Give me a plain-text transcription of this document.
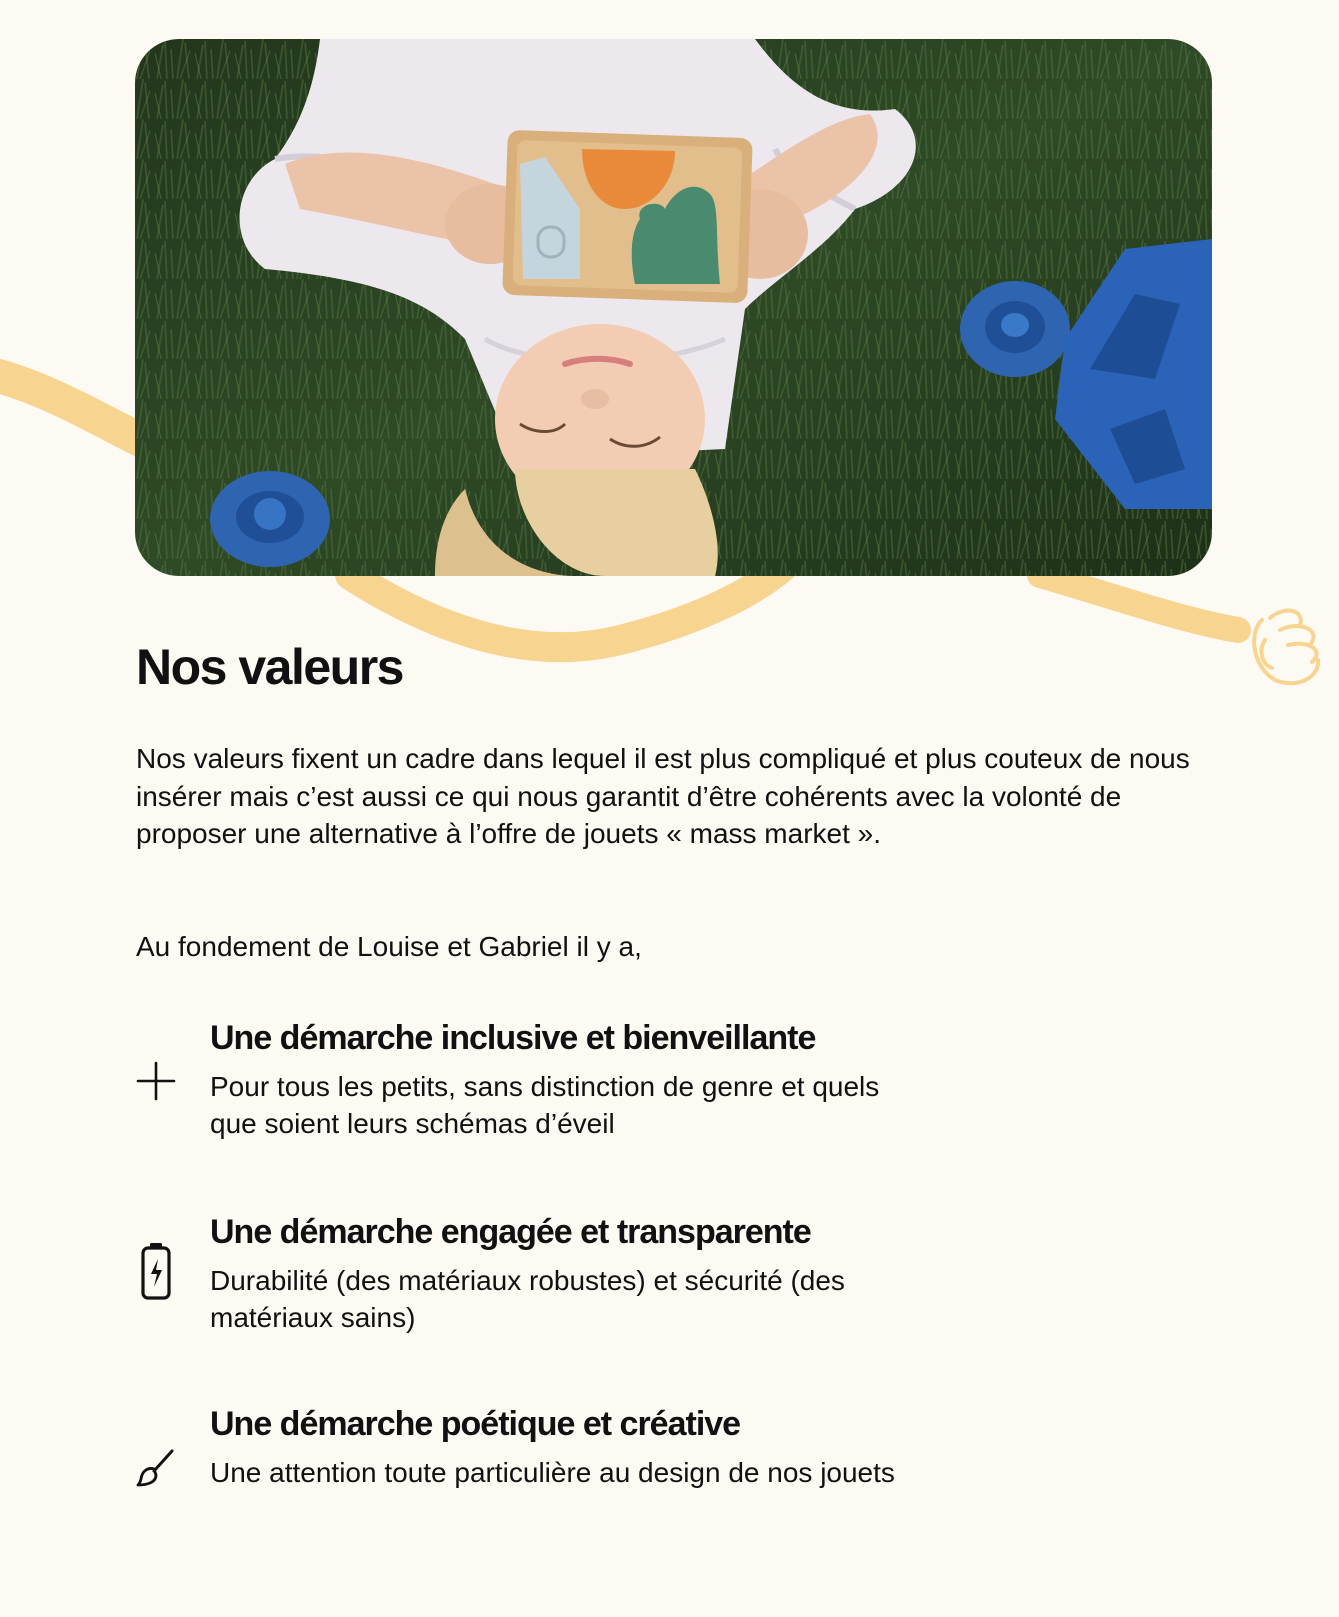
Nos valeurs

Nos valeurs fixent un cadre dans lequel il est plus compliqué et plus couteux de nous insérer mais c’est aussi ce qui nous garantit d’être cohérents avec la volonté de proposer une alternative à l’offre de jouets « mass market ».

Au fondement de Louise et Gabriel il y a,

Une démarche inclusive et bienveillante

Pour tous les petits, sans distinction de genre et quels que soient leurs schémas d’éveil

Une démarche engagée et transparente

Durabilité (des matériaux robustes) et sécurité (des matériaux sains)

Une démarche poétique et créative

Une attention toute particulière au design de nos jouets
